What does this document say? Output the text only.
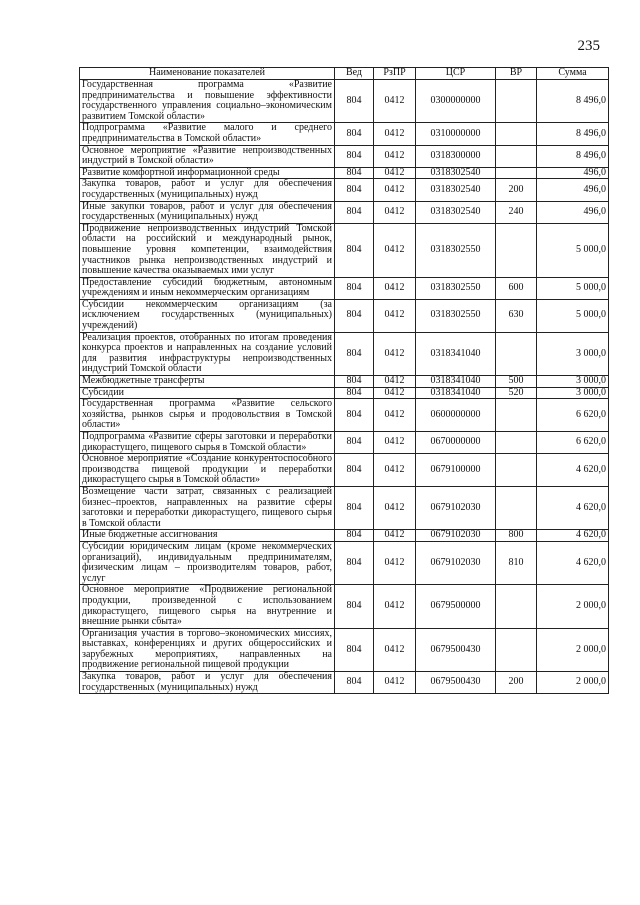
235
Наименование показателей	Вед	РзПР	ЦСР	ВР	Сумма
Государственная программа «Развитие предпринимательства и повышение эффективности государственного управления социально–экономическим развитием Томской области»	804	0412	0300000000		8 496,0
Подпрограмма «Развитие малого и среднего предпринимательства в Томской области»	804	0412	0310000000		8 496,0
Основное мероприятие «Развитие непроизводственных индустрий в Томской области»	804	0412	0318300000		8 496,0
Развитие комфортной информационной среды	804	0412	0318302540		496,0
Закупка товаров, работ и услуг для обеспечения государственных (муниципальных) нужд	804	0412	0318302540	200	496,0
Иные закупки товаров, работ и услуг для обеспечения государственных (муниципальных) нужд	804	0412	0318302540	240	496,0
Продвижение непроизводственных индустрий Томской области на российский и международный рынок, повышение уровня компетенции, взаимодействия участников рынка непроизводственных индустрий и повышение качества оказываемых ими услуг	804	0412	0318302550		5 000,0
Предоставление субсидий бюджетным, автономным учреждениям и иным некоммерческим организациям	804	0412	0318302550	600	5 000,0
Субсидии некоммерческим организациям (за исключением государственных (муниципальных) учреждений)	804	0412	0318302550	630	5 000,0
Реализация проектов, отобранных по итогам проведения конкурса проектов и направленных на создание условий для развития инфраструктуры непроизводственных индустрий Томской области	804	0412	0318341040		3 000,0
Межбюджетные трансферты	804	0412	0318341040	500	3 000,0
Субсидии	804	0412	0318341040	520	3 000,0
Государственная программа «Развитие сельского хозяйства, рынков сырья и продовольствия в Томской области»	804	0412	0600000000		6 620,0
Подпрограмма «Развитие сферы заготовки и переработки дикорастущего, пищевого сырья в Томской области»	804	0412	0670000000		6 620,0
Основное мероприятие «Создание конкурентоспособного производства пищевой продукции и переработки дикорастущего сырья в Томской области»	804	0412	0679100000		4 620,0
Возмещение части затрат, связанных с реализацией бизнес–проектов, направленных на развитие сферы заготовки и переработки дикорастущего, пищевого сырья в Томской области	804	0412	0679102030		4 620,0
Иные бюджетные ассигнования	804	0412	0679102030	800	4 620,0
Субсидии юридическим лицам (кроме некоммерческих организаций), индивидуальным предпринимателям, физическим лицам – производителям товаров, работ, услуг	804	0412	0679102030	810	4 620,0
Основное мероприятие «Продвижение региональной продукции, произведенной с использованием дикорастущего, пищевого сырья на внутренние и внешние рынки сбыта»	804	0412	0679500000		2 000,0
Организация участия в торгово–экономических миссиях, выставках, конференциях и других общероссийских и зарубежных мероприятиях, направленных на продвижение региональной пищевой продукции	804	0412	0679500430		2 000,0
Закупка товаров, работ и услуг для обеспечения государственных (муниципальных) нужд	804	0412	0679500430	200	2 000,0
